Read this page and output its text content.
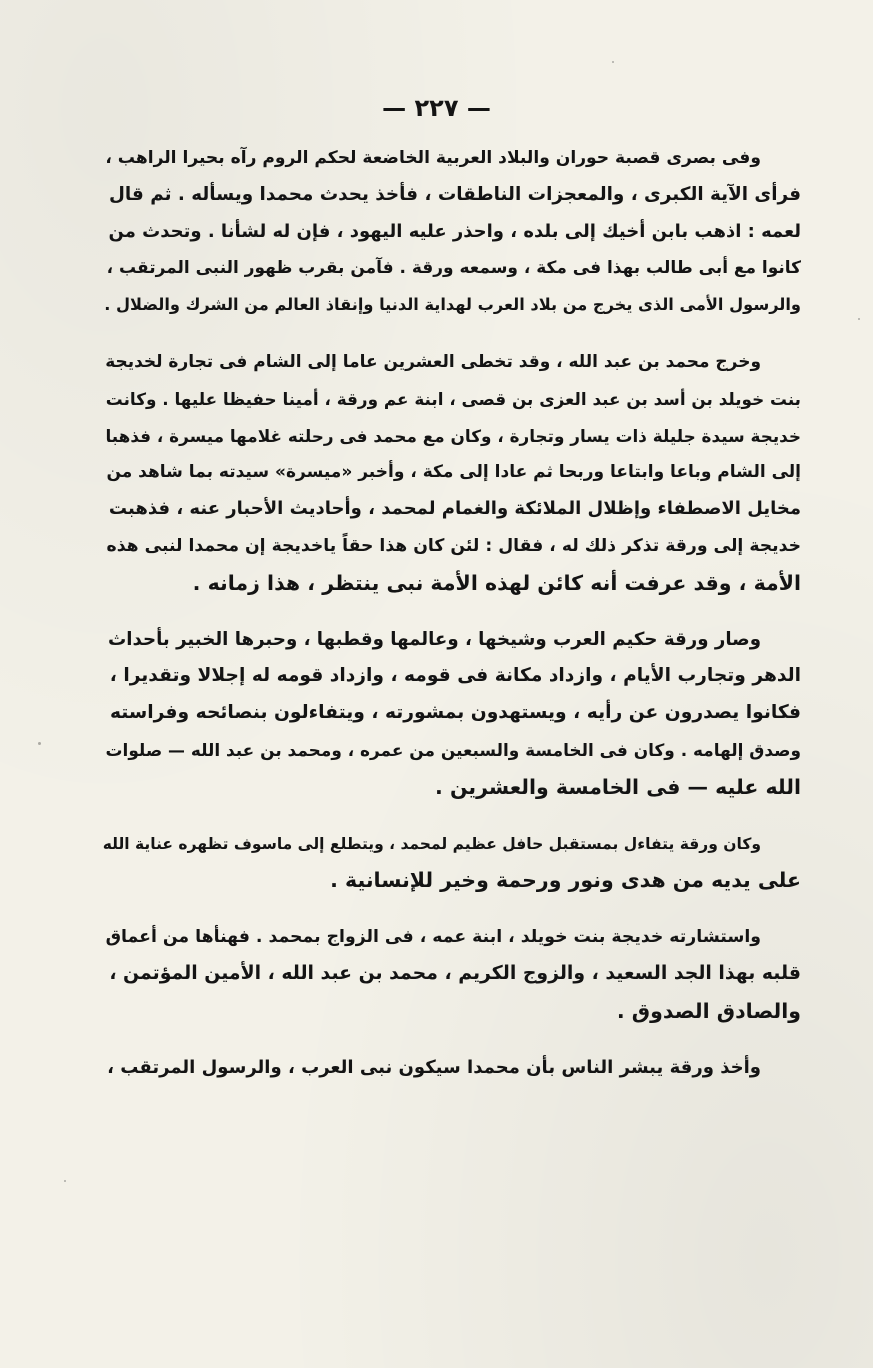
— ٢٢٧ —
وفى بصرى قصبة حوران والبلاد العربية الخاضعة لحكم الروم رآه بحيرا الراهب ،
فرأى الآية الكبرى ، والمعجزات الناطقات ، فأخذ يحدث محمدا ويسأله . ثم قال
لعمه : اذهب بابن أخيك إلى بلده ، واحذر عليه اليهود ، فإن له لشأنا . وتحدث من
كانوا مع أبى طالب بهذا فى مكة ، وسمعه ورقة . فآمن بقرب ظهور النبى المرتقب ،
والرسول الأمى الذى يخرج من بلاد العرب لهداية الدنيا وإنقاذ العالم من الشرك والضلال .
وخرج محمد بن عبد الله ، وقد تخطى العشرين عاما إلى الشام فى تجارة لخديجة
بنت خويلد بن أسد بن عبد العزى بن قصى ، ابنة عم ورقة ، أمينا حفيظا عليها . وكانت
خديجة سيدة جليلة ذات يسار وتجارة ، وكان مع محمد فى رحلته غلامها ميسرة ، فذهبا
إلى الشام وباعا وابتاعا وربحا ثم عادا إلى مكة ، وأخبر «ميسرة» سيدته بما شاهد من
مخايل الاصطفاء وإظلال الملائكة والغمام لمحمد ، وأحاديث الأحبار عنه ، فذهبت
خديجة إلى ورقة تذكر ذلك له ، فقال : لئن كان هذا حقاً ياخديجة إن محمدا لنبى هذه
الأمة ، وقد عرفت أنه كائن لهذه الأمة نبى ينتظر ، هذا زمانه .
وصار ورقة حكيم العرب وشيخها ، وعالمها وقطبها ، وحبرها الخبير بأحداث
الدهر وتجارب الأيام ، وازداد مكانة فى قومه ، وازداد قومه له إجلالا وتقديرا ،
فكانوا يصدرون عن رأيه ، ويستهدون بمشورته ، ويتفاءلون بنصائحه وفراسته
وصدق إلهامه . وكان فى الخامسة والسبعين من عمره ، ومحمد بن عبد الله — صلوات
الله عليه — فى الخامسة والعشرين .
وكان ورقة يتفاءل بمستقبل حافل عظيم لمحمد ، ويتطلع إلى ماسوف تظهره عناية الله
على يديه من هدى ونور ورحمة وخير للإنسانية .
واستشارته خديجة بنت خويلد ، ابنة عمه ، فى الزواج بمحمد . فهنأها من أعماق
قلبه بهذا الجد السعيد ، والزوج الكريم ، محمد بن عبد الله ، الأمين المؤتمن ،
والصادق الصدوق .
وأخذ ورقة يبشر الناس بأن محمدا سيكون نبى العرب ، والرسول المرتقب ،
